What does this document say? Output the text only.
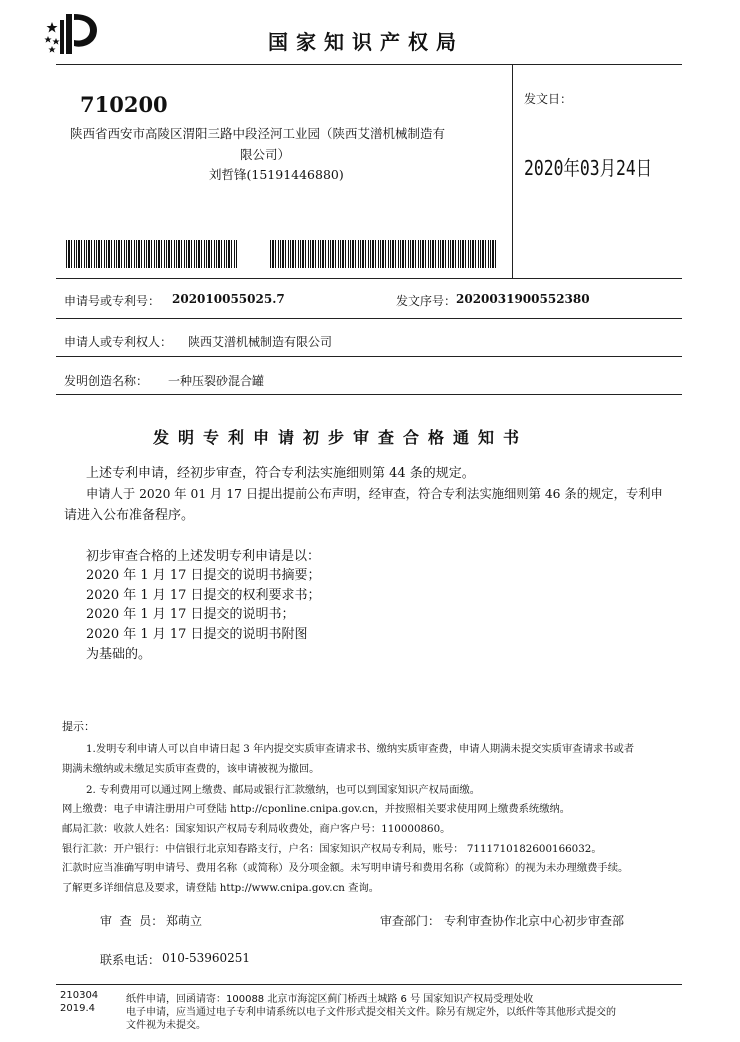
国家知识产权局
710200
陕西省西安市高陵区渭阳三路中段泾河工业园（陕西艾潽机械制造有
限公司）
刘哲锋(15191446880)
发文日：
2020年03月24日
申请号或专利号： 202010055025.7	发文序号： 2020031900552380
申请人或专利权人： 陕西艾潽机械制造有限公司
发明创造名称： 一种压裂砂混合罐
发明专利申请初步审查合格通知书
上述专利申请，经初步审查，符合专利法实施细则第 44 条的规定。
申请人于 2020 年 01 月 17 日提出提前公布声明，经审查，符合专利法实施细则第 46 条的规定，专利申
请进入公布准备程序。
初步审查合格的上述发明专利申请是以：
2020 年 1 月 17 日提交的说明书摘要；
2020 年 1 月 17 日提交的权利要求书；
2020 年 1 月 17 日提交的说明书；
2020 年 1 月 17 日提交的说明书附图
为基础的。
提示：
1.发明专利申请人可以自申请日起 3 年内提交实质审查请求书、缴纳实质审查费，申请人期满未提交实质审查请求书或者
期满未缴纳或未缴足实质审查费的，该申请被视为撤回。
2. 专利费用可以通过网上缴费、邮局或银行汇款缴纳，也可以到国家知识产权局面缴。
网上缴费：电子申请注册用户可登陆 http://cponline.cnipa.gov.cn，并按照相关要求使用网上缴费系统缴纳。
邮局汇款：收款人姓名：国家知识产权局专利局收费处，商户客户号：110000860。
银行汇款：开户银行：中信银行北京知春路支行，户名：国家知识产权局专利局，账号： 7111710182600166032。
汇款时应当准确写明申请号、费用名称（或简称）及分项金额。未写明申请号和费用名称（或简称）的视为未办理缴费手续。
了解更多详细信息及要求，请登陆 http://www.cnipa.gov.cn 查询。
审  查  员： 郑萌立	审查部门： 专利审查协作北京中心初步审查部
联系电话： 010-53960251
210304
2019.4
纸件申请，回函请寄：100088 北京市海淀区蓟门桥西土城路 6 号 国家知识产权局受理处收
电子申请，应当通过电子专利申请系统以电子文件形式提交相关文件。除另有规定外，以纸件等其他形式提交的
文件视为未提交。
